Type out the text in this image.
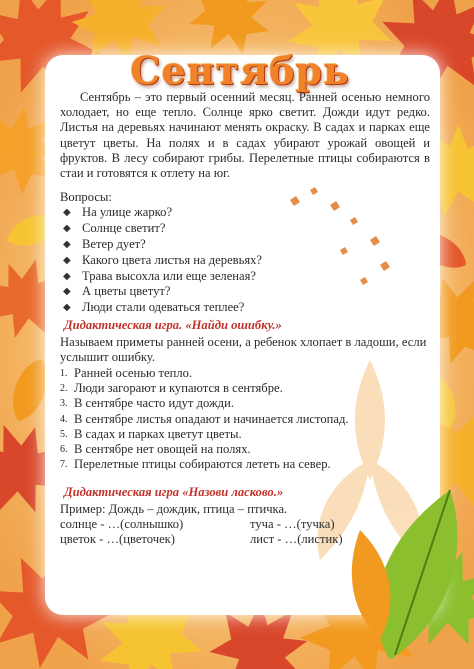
Сентябрь

Сентябрь – это первый осенний месяц. Ранней осенью немного холодает, но еще тепло. Солнце ярко светит. Дожди идут редко. Листья на деревьях начинают менять окраску. В садах и парках еще цветут цветы. На полях и в садах убирают урожай овощей и фруктов. В лесу собирают грибы. Перелетные птицы собираются в стаи и готовятся к отлету на юг.

Вопросы:
◆ На улице жарко?
◆ Солнце светит?
◆ Ветер дует?
◆ Какого цвета листья на деревьях?
◆ Трава высохла или еще зеленая?
◆ А цветы цветут?
◆ Люди стали одеваться теплее?
Дидактическая игра. «Найди ошибку.»

Называем приметы ранней осени, а ребенок хлопает в ладоши, если услышит ошибку.

1. Ранней осенью тепло.
2. Люди загорают и купаются в сентябре.
3. В сентябре часто идут дожди.
4. В сентябре листья опадают и начинается листопад.
5. В садах и парках цветут цветы.
6. В сентябре нет овощей на полях.
7. Перелетные птицы собираются лететь на север.
Дидактическая игра «Назови ласково.»
Пример: Дождь – дождик, птица – птичка.
солнце - …(солнышко)	туча - …(тучка)
цветок - …(цветочек)	лист - …(листик)
